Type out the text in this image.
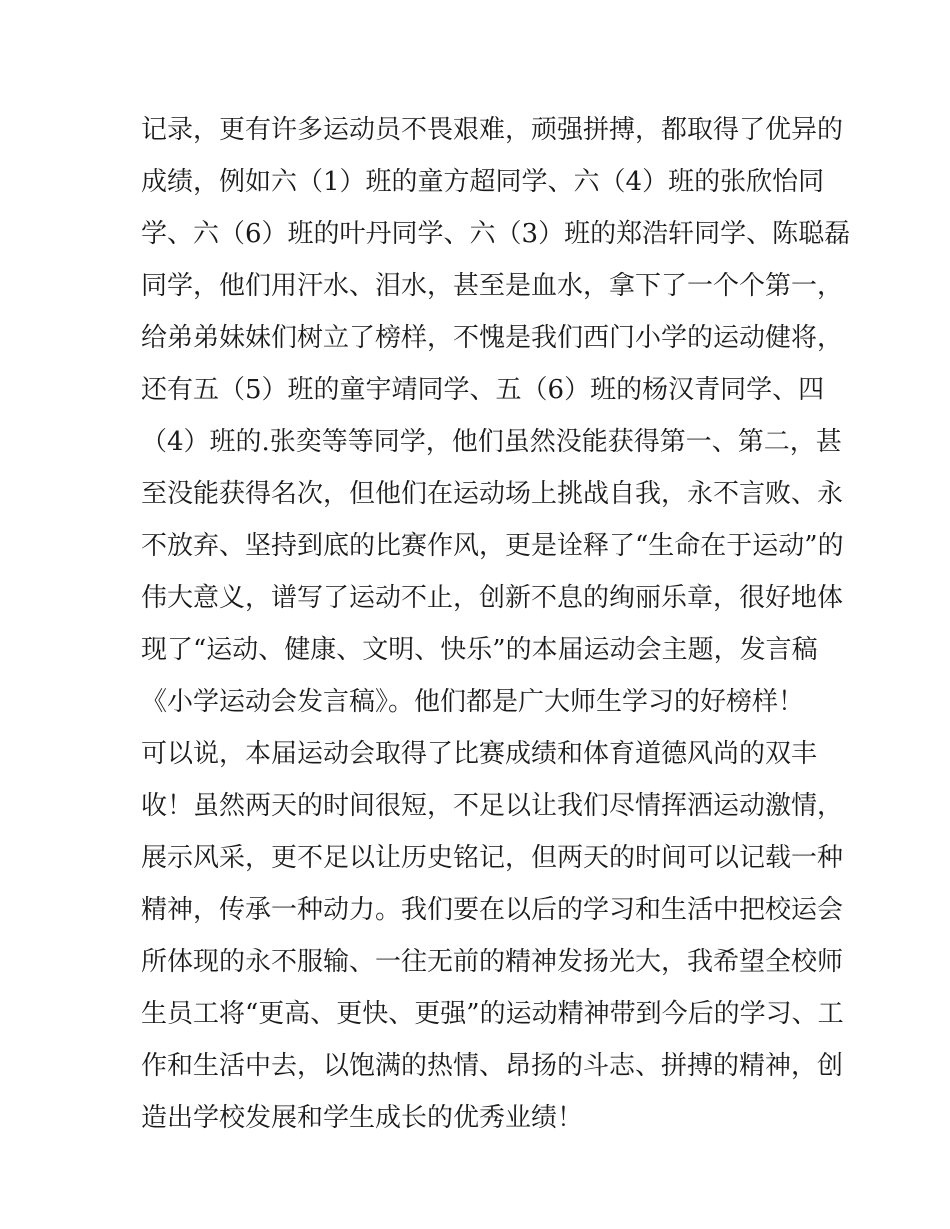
记录，更有许多运动员不畏艰难，顽强拼搏，都取得了优异的
成绩，例如六（1）班的童方超同学、六（4）班的张欣怡同
学、六（6）班的叶丹同学、六（3）班的郑浩轩同学、陈聪磊
同学，他们用汗水、泪水，甚至是血水，拿下了一个个第一，
给弟弟妹妹们树立了榜样，不愧是我们西门小学的运动健将，
还有五（5）班的童宇靖同学、五（6）班的杨汉青同学、四
（4）班的.张奕等等同学，他们虽然没能获得第一、第二，甚
至没能获得名次，但他们在运动场上挑战自我，永不言败、永
不放弃、坚持到底的比赛作风，更是诠释了“生命在于运动”的
伟大意义，谱写了运动不止，创新不息的绚丽乐章，很好地体
现了“运动、健康、文明、快乐”的本届运动会主题，发言稿
《小学运动会发言稿》。他们都是广大师生学习的好榜样！
可以说，本届运动会取得了比赛成绩和体育道德风尚的双丰
收！虽然两天的时间很短，不足以让我们尽情挥洒运动激情，
展示风采，更不足以让历史铭记，但两天的时间可以记载一种
精神，传承一种动力。我们要在以后的学习和生活中把校运会
所体现的永不服输、一往无前的精神发扬光大，我希望全校师
生员工将“更高、更快、更强”的运动精神带到今后的学习、工
作和生活中去，以饱满的热情、昂扬的斗志、拼搏的精神，创
造出学校发展和学生成长的优秀业绩！
